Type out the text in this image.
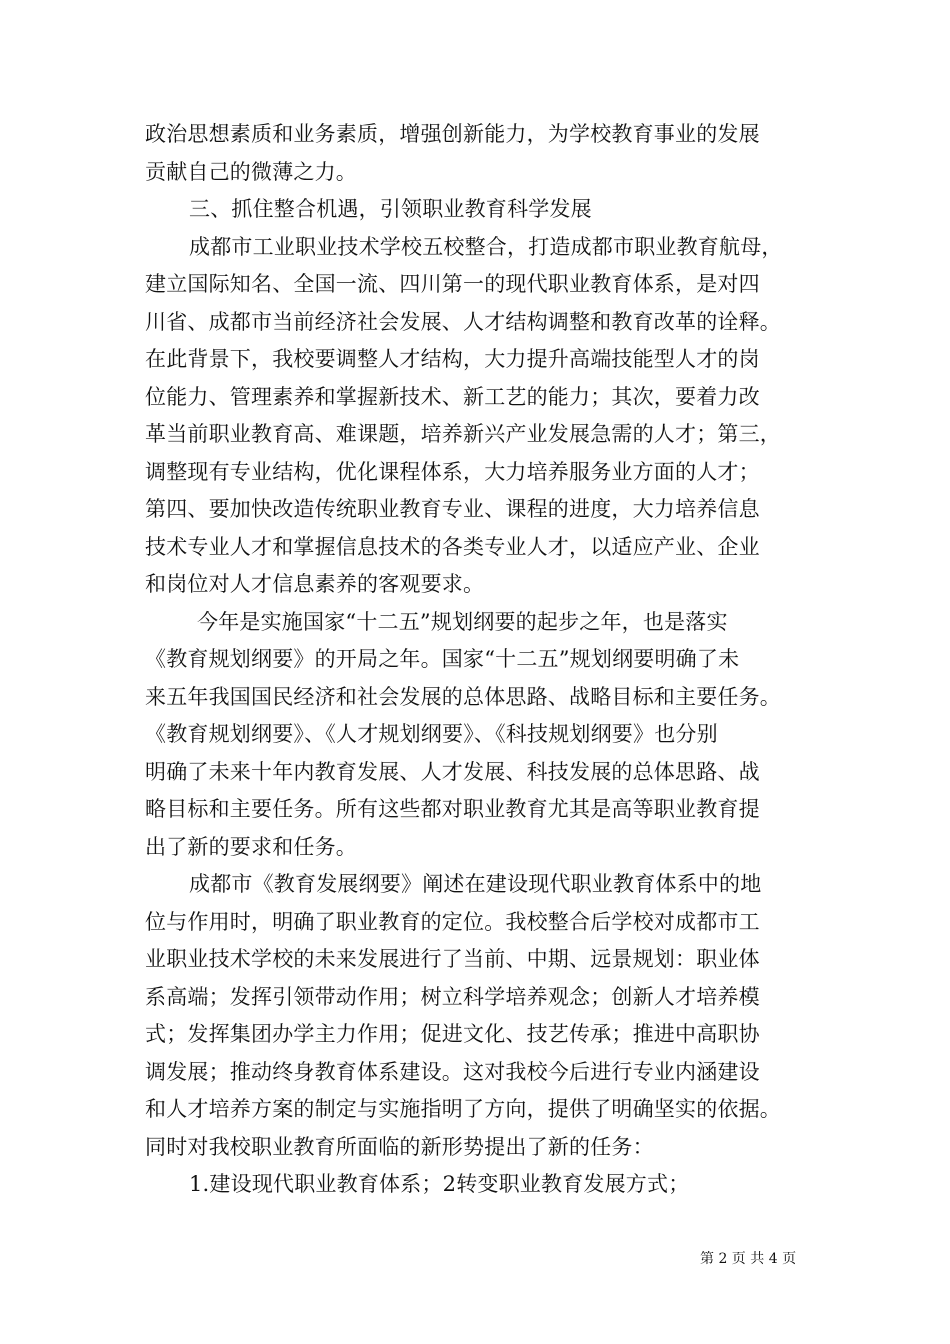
政治思想素质和业务素质，增强创新能力，为学校教育事业的发展
贡献自己的微薄之力。
三、抓住整合机遇，引领职业教育科学发展
成都市工业职业技术学校五校整合，打造成都市职业教育航母，
建立国际知名、全国一流、四川第一的现代职业教育体系，是对四
川省、成都市当前经济社会发展、人才结构调整和教育改革的诠释。
在此背景下，我校要调整人才结构，大力提升高端技能型人才的岗
位能力、管理素养和掌握新技术、新工艺的能力；其次，要着力改
革当前职业教育高、难课题，培养新兴产业发展急需的人才；第三，
调整现有专业结构，优化课程体系，大力培养服务业方面的人才；
第四、要加快改造传统职业教育专业、课程的进度，大力培养信息
技术专业人才和掌握信息技术的各类专业人才，以适应产业、企业
和岗位对人才信息素养的客观要求。
今年是实施国家“十二五”规划纲要的起步之年，也是落实
《教育规划纲要》的开局之年。国家“十二五”规划纲要明确了未
来五年我国国民经济和社会发展的总体思路、战略目标和主要任务。
《教育规划纲要》、《人才规划纲要》、《科技规划纲要》也分别
明确了未来十年内教育发展、人才发展、科技发展的总体思路、战
略目标和主要任务。所有这些都对职业教育尤其是高等职业教育提
出了新的要求和任务。
成都市《教育发展纲要》阐述在建设现代职业教育体系中的地
位与作用时，明确了职业教育的定位。我校整合后学校对成都市工
业职业技术学校的未来发展进行了当前、中期、远景规划：职业体
系高端；发挥引领带动作用；树立科学培养观念；创新人才培养模
式；发挥集团办学主力作用；促进文化、技艺传承；推进中高职协
调发展；推动终身教育体系建设。这对我校今后进行专业内涵建设
和人才培养方案的制定与实施指明了方向，提供了明确坚实的依据。
同时对我校职业教育所面临的新形势提出了新的任务：
1.建设现代职业教育体系；2转变职业教育发展方式；
第 2 页 共 4 页
